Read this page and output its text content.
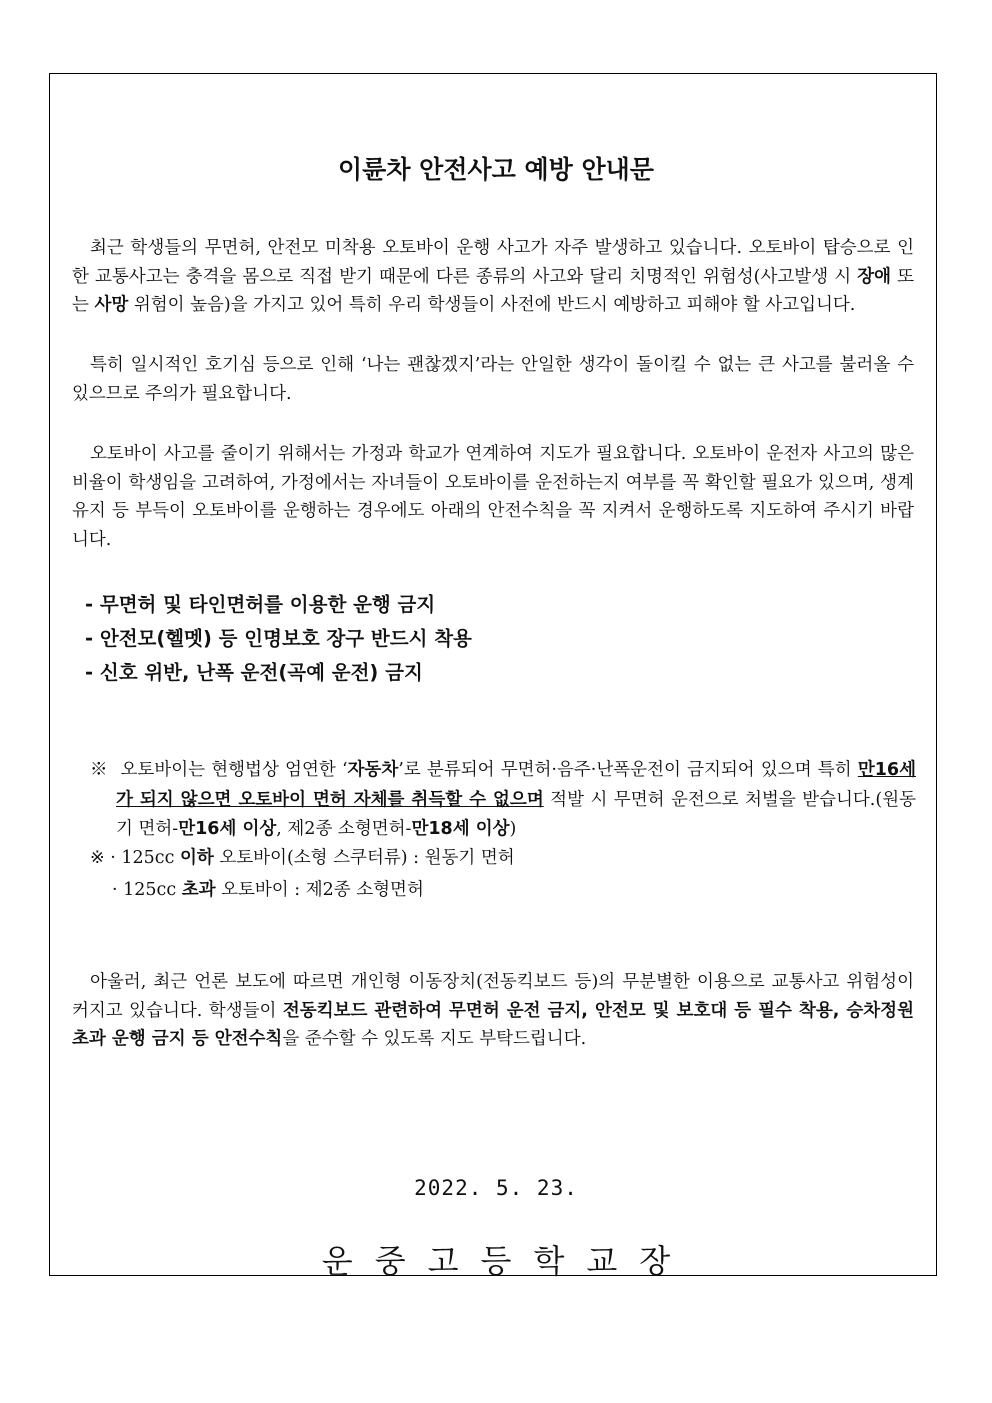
이륜차 안전사고 예방 안내문

최근 학생들의 무면허, 안전모 미착용 오토바이 운행 사고가 자주 발생하고 있습니다. 오토바이 탑승으로 인한 교통사고는 충격을 몸으로 직접 받기 때문에 다른 종류의 사고와 달리 치명적인 위험성(사고발생 시 장애 또는 사망 위험이 높음)을 가지고 있어 특히 우리 학생들이 사전에 반드시 예방하고 피해야 할 사고입니다.

특히 일시적인 호기심 등으로 인해 ‘나는 괜찮겠지’라는 안일한 생각이 돌이킬 수 없는 큰 사고를 불러올 수 있으므로 주의가 필요합니다.

오토바이 사고를 줄이기 위해서는 가정과 학교가 연계하여 지도가 필요합니다. 오토바이 운전자 사고의 많은 비율이 학생임을 고려하여, 가정에서는 자녀들이 오토바이를 운전하는지 여부를 꼭 확인할 필요가 있으며, 생계유지 등 부득이 오토바이를 운행하는 경우에도 아래의 안전수칙을 꼭 지켜서 운행하도록 지도하여 주시기 바랍니다.

- 무면허 및 타인면허를 이용한 운행 금지
- 안전모(헬멧) 등 인명보호 장구 반드시 착용
- 신호 위반, 난폭 운전(곡예 운전) 금지

※ 오토바이는 현행법상 엄연한 ‘자동차’로 분류되어 무면허·음주·난폭운전이 금지되어 있으며 특히 만16세가 되지 않으면 오토바이 면허 자체를 취득할 수 없으며 적발 시 무면허 운전으로 처벌을 받습니다.(원동기 면허-만16세 이상, 제2종 소형면허-만18세 이상)

※ · 125cc 이하 오토바이(소형 스쿠터류) : 원동기 면허
· 125cc 초과 오토바이 : 제2종 소형면허

아울러, 최근 언론 보도에 따르면 개인형 이동장치(전동킥보드 등)의 무분별한 이용으로 교통사고 위험성이 커지고 있습니다. 학생들이 전동킥보드 관련하여 무면허 운전 금지, 안전모 및 보호대 등 필수 착용, 승차정원 초과 운행 금지 등 안전수칙을 준수할 수 있도록 지도 부탁드립니다.

2022. 5. 23.
운중고등학교장
